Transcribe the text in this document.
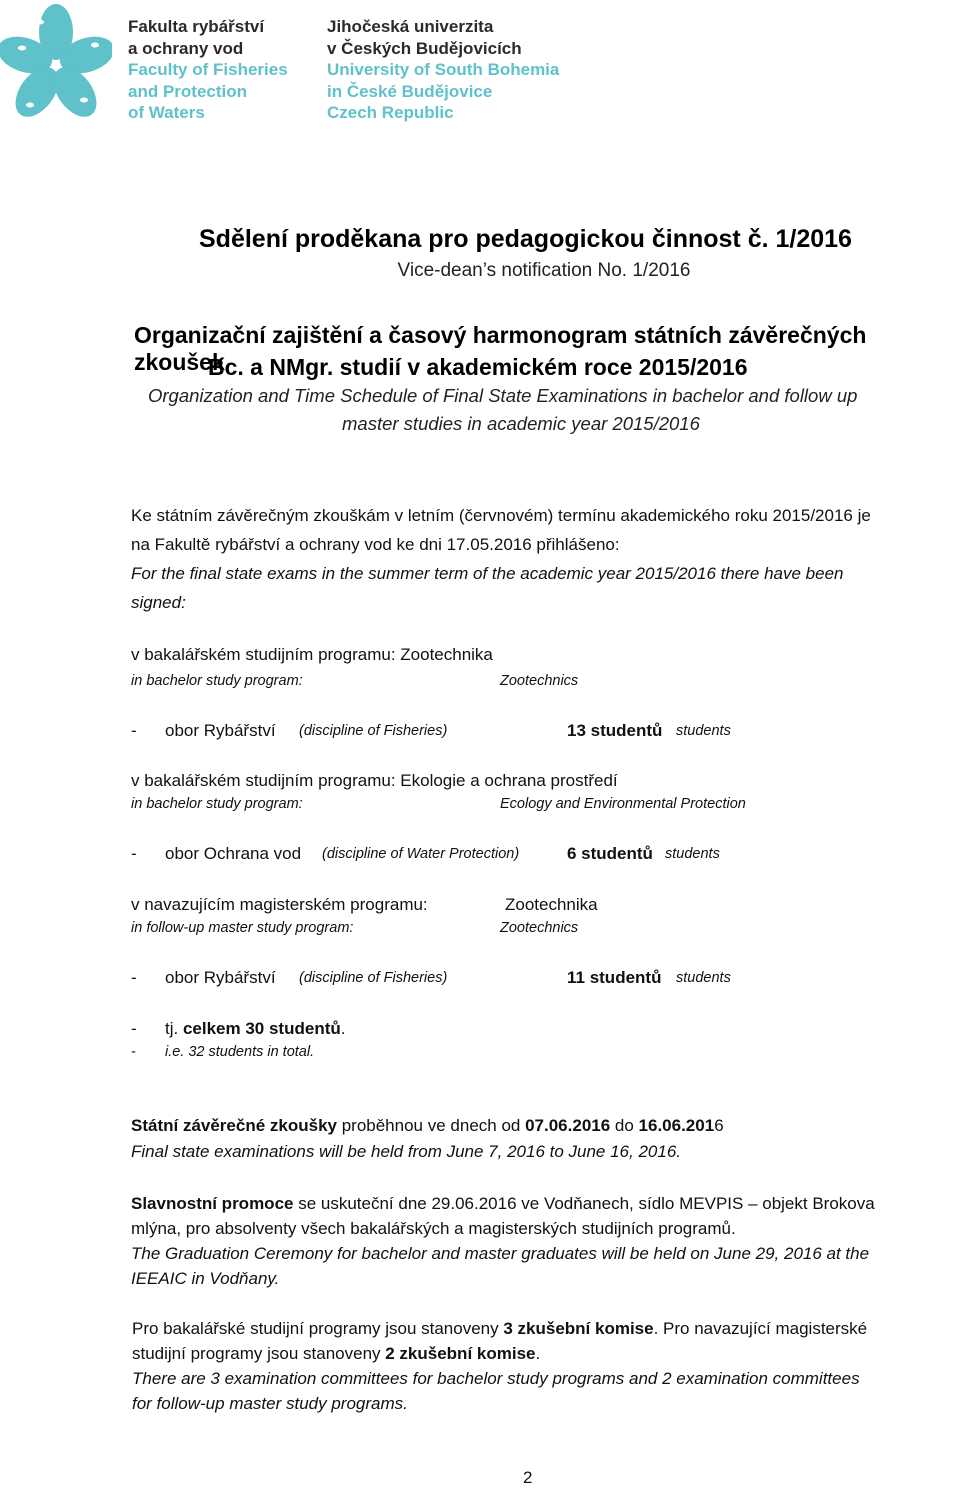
Fakulta rybářství
a ochrany vod
Faculty of Fisheries
and Protection
of Waters
Jihočeská univerzita
v Českých Budějovicích
University of South Bohemia
in České Budějovice
Czech Republic
Sdělení proděkana pro pedagogickou činnost č. 1/2016
Vice-dean’s notification No. 1/2016
Organizační zajištění a časový harmonogram státních závěrečných zkoušek
Bc. a NMgr. studií v akademickém roce 2015/2016
Organization and Time Schedule of Final State Examinations in bachelor and follow up
master studies in academic year 2015/2016
Ke státním závěrečným zkouškám v letním (červnovém) termínu akademického roku 2015/2016 je
na Fakultě rybářství a ochrany vod ke dni 17.05.2016 přihlášeno:
For the final state exams in the summer term of the academic year 2015/2016 there have been
signed:
v bakalářském studijním programu: Zootechnika
in bachelor study program:	Zootechnics
- obor Rybářství (discipline of Fisheries)	13 studentů students
v bakalářském studijním programu: Ekologie a ochrana prostředí
in bachelor study program:	Ecology and Environmental Protection
- obor Ochrana vod (discipline of Water Protection)	6 studentů students
v navazujícím magisterském programu:	Zootechnika
in follow-up master study program:	Zootechnics
- obor Rybářství (discipline of Fisheries)	11 studentů students
- tj. celkem 30 studentů.
- i.e. 32 students in total.
Státní závěrečné zkoušky proběhnou ve dnech od 07.06.2016 do 16.06.2016
Final state examinations will be held from June 7, 2016 to June 16, 2016.
Slavnostní promoce se uskuteční dne 29.06.2016 ve Vodňanech, sídlo MEVPIS – objekt Brokova
mlýna, pro absolventy všech bakalářských a magisterských studijních programů.
The Graduation Ceremony for bachelor and master graduates will be held on June 29, 2016 at the
IEEAIC in Vodňany.
Pro bakalářské studijní programy jsou stanoveny 3 zkušební komise. Pro navazující magisterské
studijní programy jsou stanoveny 2 zkušební komise.
There are 3 examination committees for bachelor study programs and 2 examination committees
for follow-up master study programs.
2
